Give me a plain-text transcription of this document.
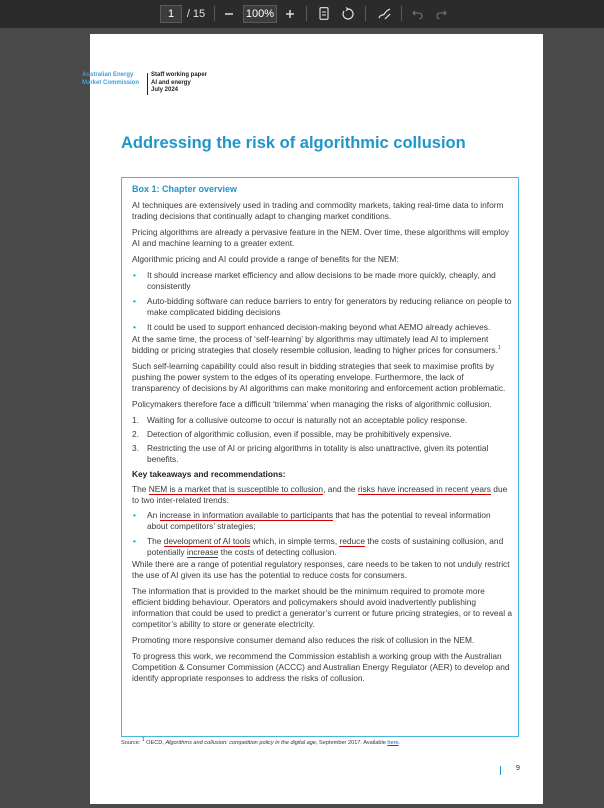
1	/ 15	100%
Australian Energy
Market Commission
Staff working paper
AI and energy
July 2024
Addressing the risk of algorithmic collusion
Box 1: Chapter overview

AI techniques are extensively used in trading and commodity markets, taking real-time data to inform trading decisions that continually adapt to changing market conditions.

Pricing algorithms are already a pervasive feature in the NEM. Over time, these algorithms will employ AI and machine learning to a greater extent.

Algorithmic pricing and AI could provide a range of benefits for the NEM:

• It should increase market efficiency and allow decisions to be made more quickly, cheaply, and consistently
• Auto-bidding software can reduce barriers to entry for generators by reducing reliance on people to make complicated bidding decisions
• It could be used to support enhanced decision-making beyond what AEMO already achieves.

At the same time, the process of ‘self-learning’ by algorithms may ultimately lead AI to implement bidding or pricing strategies that closely resemble collusion, leading to higher prices for consumers.$^1$

Such self-learning capability could also result in bidding strategies that seek to maximise profits by pushing the power system to the edges of its operating envelope. Furthermore, the lack of transparency of decisions by AI algorithms can make monitoring and enforcement action problematic.

Policymakers therefore face a difficult ‘trilemma’ when managing the risks of algorithmic collusion.

1. Waiting for a collusive outcome to occur is naturally not an acceptable policy response.
2. Detection of algorithmic collusion, even if possible, may be prohibitively expensive.
3. Restricting the use of AI or pricing algorithms in totality is also unattractive, given its potential benefits.
Key takeaways and recommendations:

The NEM is a market that is susceptible to collusion, and the risks have increased in recent years due to two inter-related trends:

• An increase in information available to participants that has the potential to reveal information about competitors’ strategies;
• The development of AI tools which, in simple terms, reduce the costs of sustaining collusion, and potentially increase the costs of detecting collusion.

While there are a range of potential regulatory responses, care needs to be taken to not unduly restrict the use of AI given its use has the potential to reduce costs for consumers.

The information that is provided to the market should be the minimum required to promote more efficient bidding behaviour. Operators and policymakers should avoid inadvertently publishing information that could be used to predict a generator’s current or future pricing strategies, or to reveal a competitor’s ability to store or generate electricity.

Promoting more responsive consumer demand also reduces the risk of collusion in the NEM.

To progress this work, we recommend the Commission establish a working group with the Australian Competition & Consumer Commission (ACCC) and Australian Energy Regulator (AER) to develop and identify appropriate responses to address the risks of collusion.

Source: $^1$ OECD, Algorithms and collusion: competition policy in the digital age, September 2017. Available here.
9
